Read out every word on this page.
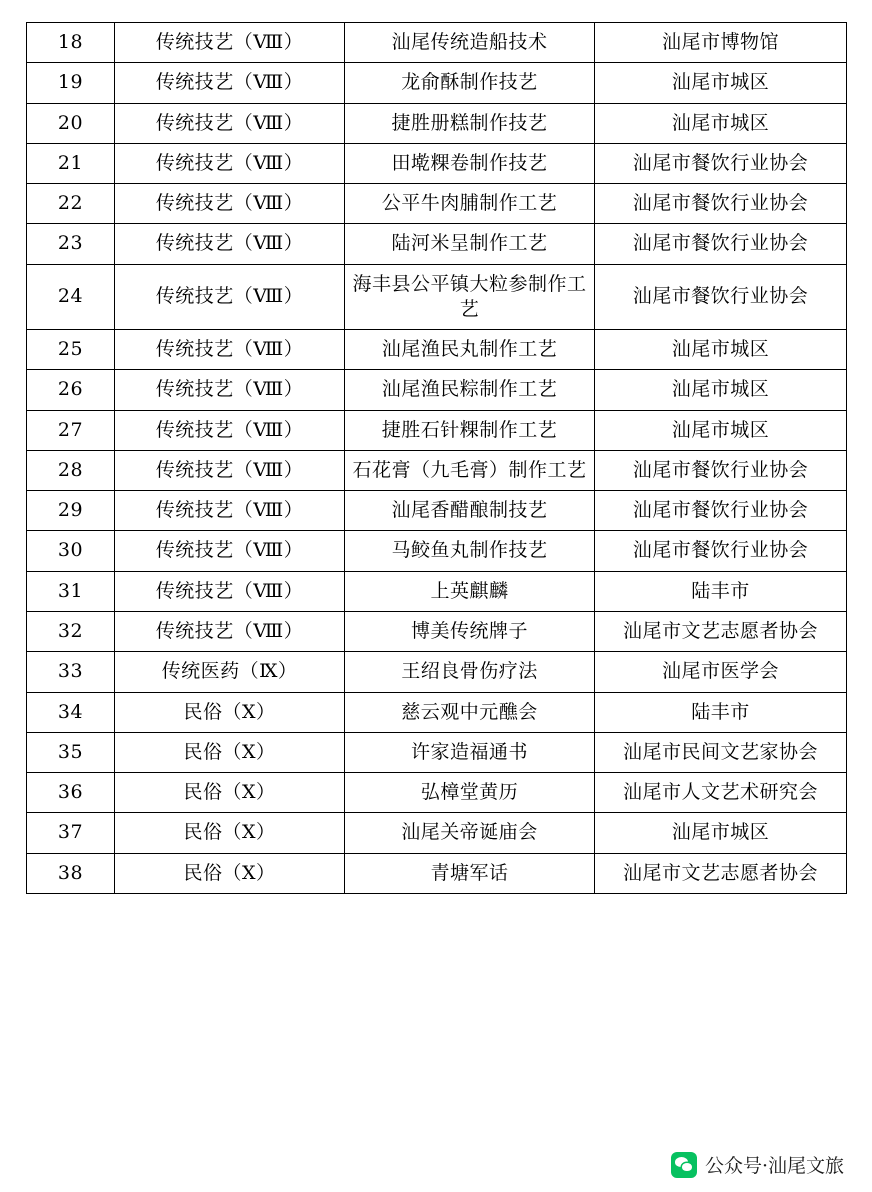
18	传统技艺（Ⅷ）	汕尾传统造船技术	汕尾市博物馆
19	传统技艺（Ⅷ）	龙俞酥制作技艺	汕尾市城区
20	传统技艺（Ⅷ）	捷胜册糕制作技艺	汕尾市城区
21	传统技艺（Ⅷ）	田墘粿卷制作技艺	汕尾市餐饮行业协会
22	传统技艺（Ⅷ）	公平牛肉脯制作工艺	汕尾市餐饮行业协会
23	传统技艺（Ⅷ）	陆河米呈制作工艺	汕尾市餐饮行业协会
24	传统技艺（Ⅷ）	海丰县公平镇大粒参制作工艺	汕尾市餐饮行业协会
25	传统技艺（Ⅷ）	汕尾渔民丸制作工艺	汕尾市城区
26	传统技艺（Ⅷ）	汕尾渔民粽制作工艺	汕尾市城区
27	传统技艺（Ⅷ）	捷胜石针粿制作工艺	汕尾市城区
28	传统技艺（Ⅷ）	石花膏（九毛膏）制作工艺	汕尾市餐饮行业协会
29	传统技艺（Ⅷ）	汕尾香醋酿制技艺	汕尾市餐饮行业协会
30	传统技艺（Ⅷ）	马鲛鱼丸制作技艺	汕尾市餐饮行业协会
31	传统技艺（Ⅷ）	上英麒麟	陆丰市
32	传统技艺（Ⅷ）	博美传统牌子	汕尾市文艺志愿者协会
33	传统医药（Ⅸ）	王绍良骨伤疗法	汕尾市医学会
34	民俗（Ⅹ）	慈云观中元醮会	陆丰市
35	民俗（Ⅹ）	许家造福通书	汕尾市民间文艺家协会
36	民俗（Ⅹ）	弘樟堂黄历	汕尾市人文艺术研究会
37	民俗（Ⅹ）	汕尾关帝诞庙会	汕尾市城区
38	民俗（Ⅹ）	青塘军话	汕尾市文艺志愿者协会
公众号·汕尾文旅
